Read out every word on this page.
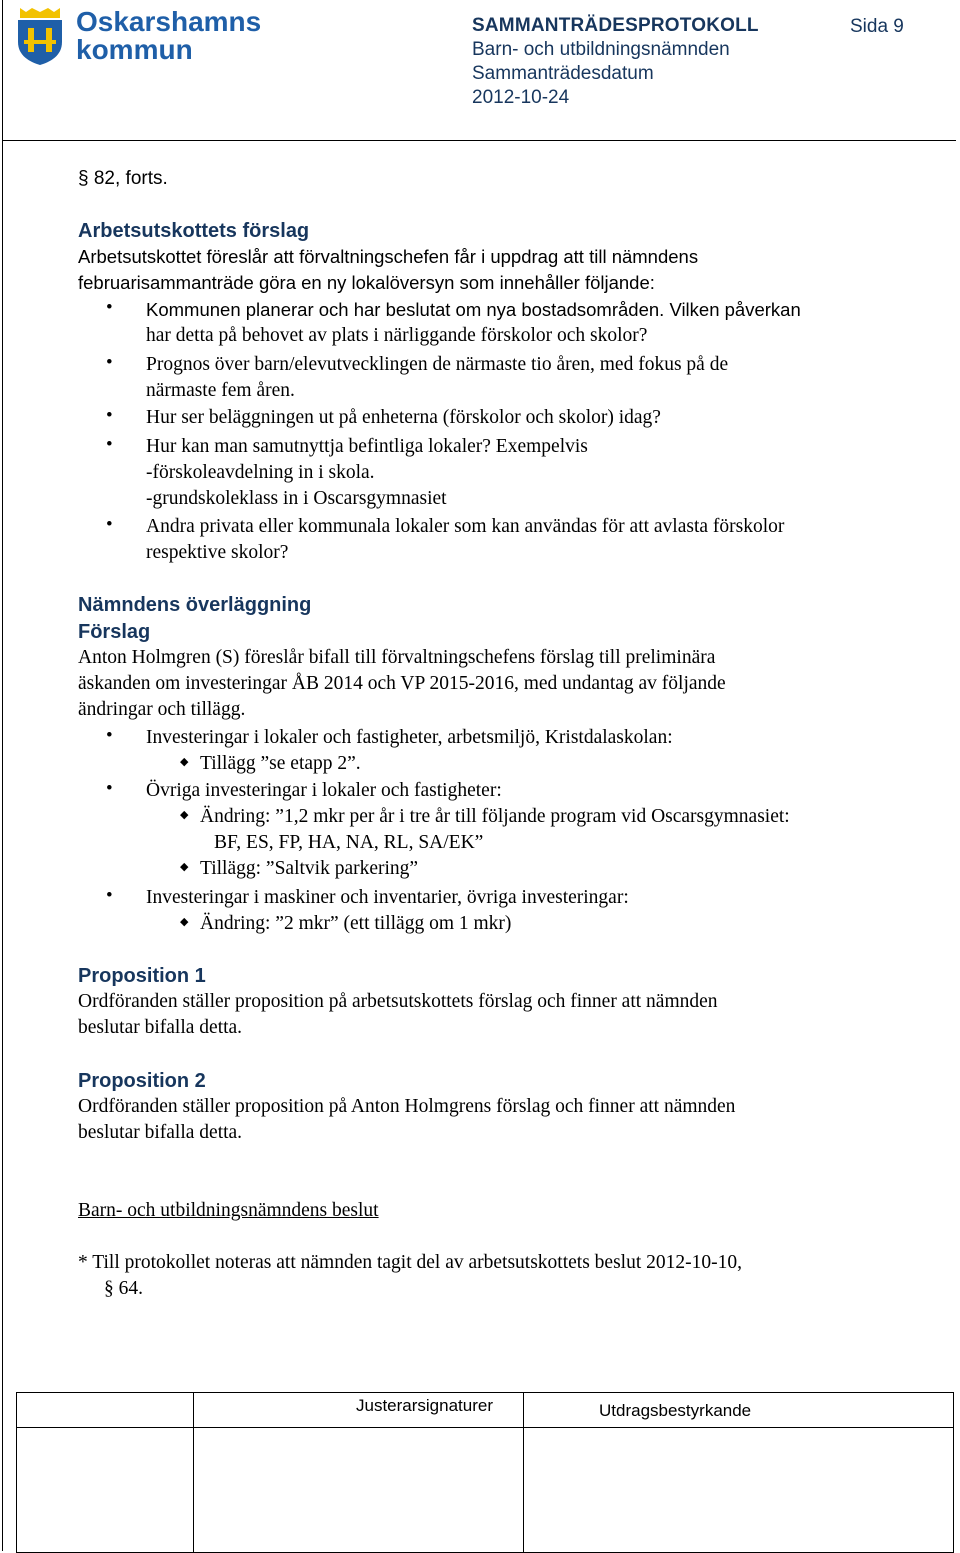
Oskarshamns
kommun
SAMMANTRÄDESPROTOKOLL
Barn- och utbildningsnämnden
Sammanträdesdatum
2012-10-24
Sida 9
§ 82, forts.
Arbetsutskottets förslag
Arbetsutskottet föreslår att förvaltningschefen får i uppdrag att till nämndens
februarisammanträde göra en ny lokalöversyn som innehåller följande:
• Kommunen planerar och har beslutat om nya bostadsområden. Vilken påverkan
har detta på behovet av plats i närliggande förskolor och skolor?
• Prognos över barn/elevutvecklingen de närmaste tio åren, med fokus på de
närmaste fem åren.
• Hur ser beläggningen ut på enheterna (förskolor och skolor) idag?
• Hur kan man samutnyttja befintliga lokaler? Exempelvis
-förskoleavdelning in i skola.
-grundskoleklass in i Oscarsgymnasiet
• Andra privata eller kommunala lokaler som kan användas för att avlasta förskolor
respektive skolor?
Nämndens överläggning
Förslag
Anton Holmgren (S) föreslår bifall till förvaltningschefens förslag till preliminära
äskanden om investeringar ÅB 2014 och VP 2015-2016, med undantag av följande
ändringar och tillägg.
• Investeringar i lokaler och fastigheter, arbetsmiljö, Kristdalaskolan:
◆ Tillägg ”se etapp 2”.
• Övriga investeringar i lokaler och fastigheter:
◆ Ändring: ”1,2 mkr per år i tre år till följande program vid Oscarsgymnasiet:
BF, ES, FP, HA, NA, RL, SA/EK”
◆ Tillägg: ”Saltvik parkering”
• Investeringar i maskiner och inventarier, övriga investeringar:
◆ Ändring: ”2 mkr” (ett tillägg om 1 mkr)
Proposition 1
Ordföranden ställer proposition på arbetsutskottets förslag och finner att nämnden
beslutar bifalla detta.
Proposition 2
Ordföranden ställer proposition på Anton Holmgrens förslag och finner att nämnden
beslutar bifalla detta.
Barn- och utbildningsnämndens beslut
* Till protokollet noteras att nämnden tagit del av arbetsutskottets beslut 2012-10-10,
§ 64.

	Justerarsignaturer	Utdragsbestyrkande
